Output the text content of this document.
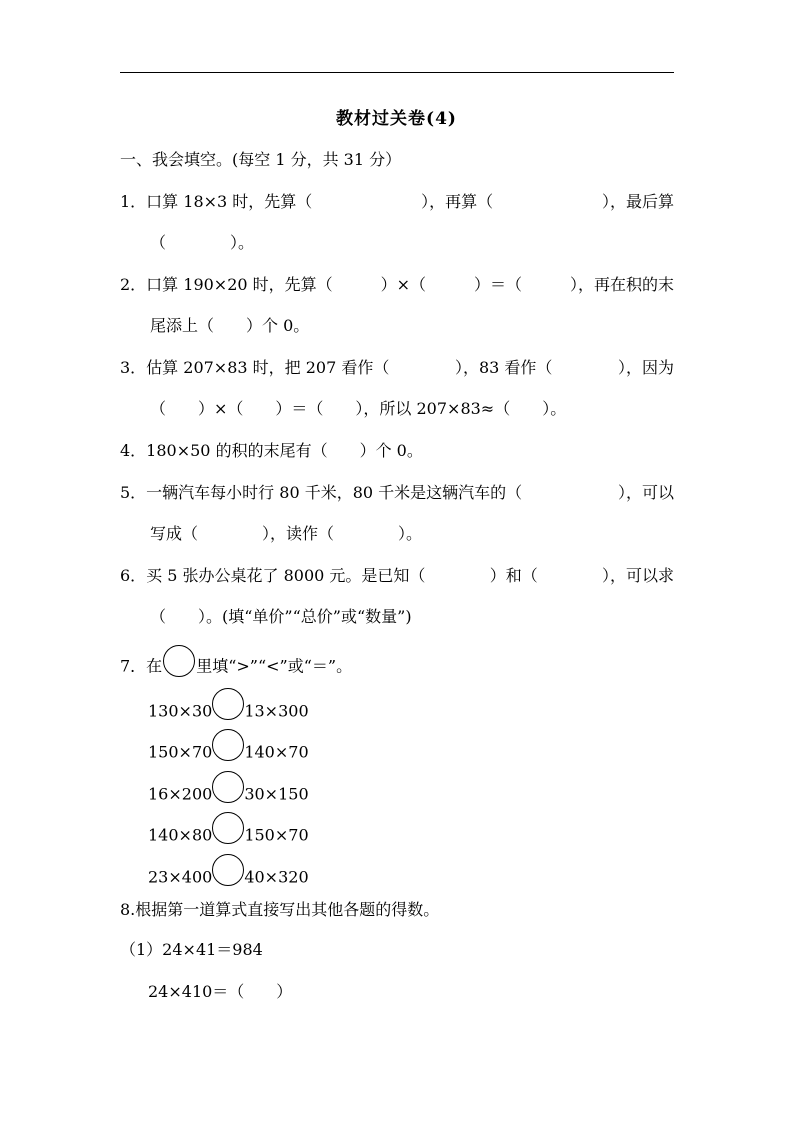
教材过关卷(4)
一、我会填空。(每空 1 分，共 31 分）
1．口算 18×3 时，先算（	），再算（	），最后算
（　　　　）。
2．口算 190×20 时，先算（	）×（	）＝（	），再在积的末
尾添上（　　）个 0。
3．估算 207×83 时，把 207 看作（	），83 看作（	），因为
（　　）×（　　）＝（　　），所以 207×83≈（　　）。
4．180×50 的积的末尾有（　　）个 0。
5．一辆汽车每小时行 80 千米，80 千米是这辆汽车的（	），可以
写成（　　　　），读作（　　　　）。
6．买 5 张办公桌花了 8000 元。是已知（	）和（	），可以求
（　　）。(填“单价”“总价”或“数量”)
7．在 里填“>”“<”或“＝”。
130×30 13×300
150×70 140×70
16×200 30×150
140×80 150×70
23×400 40×320
8.根据第一道算式直接写出其他各题的得数。
（1）24×41＝984
24×410＝（　　）
